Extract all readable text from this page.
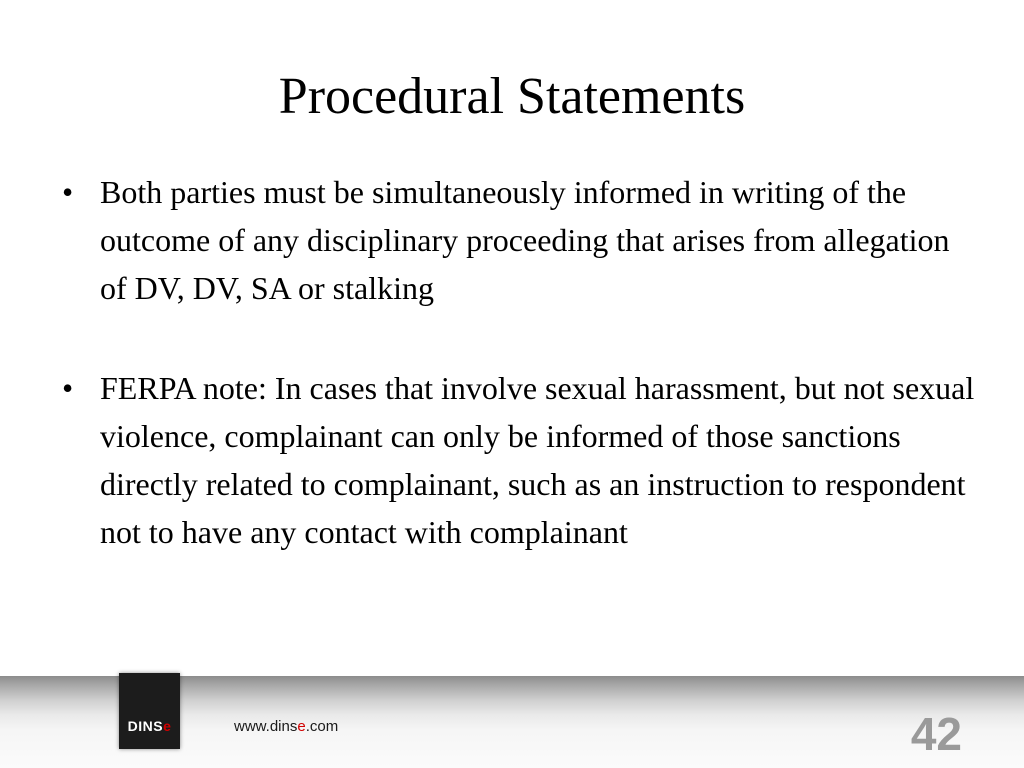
Procedural Statements
• Both parties must be simultaneously informed in writing of the outcome of any disciplinary proceeding that arises from allegation of DV, DV, SA or stalking
• FERPA note: In cases that involve sexual harassment, but not sexual violence, complainant can only be informed of those sanctions directly related to complainant, such as an instruction to respondent not to have any contact with complainant
DINSe	www.dinse.com	42
